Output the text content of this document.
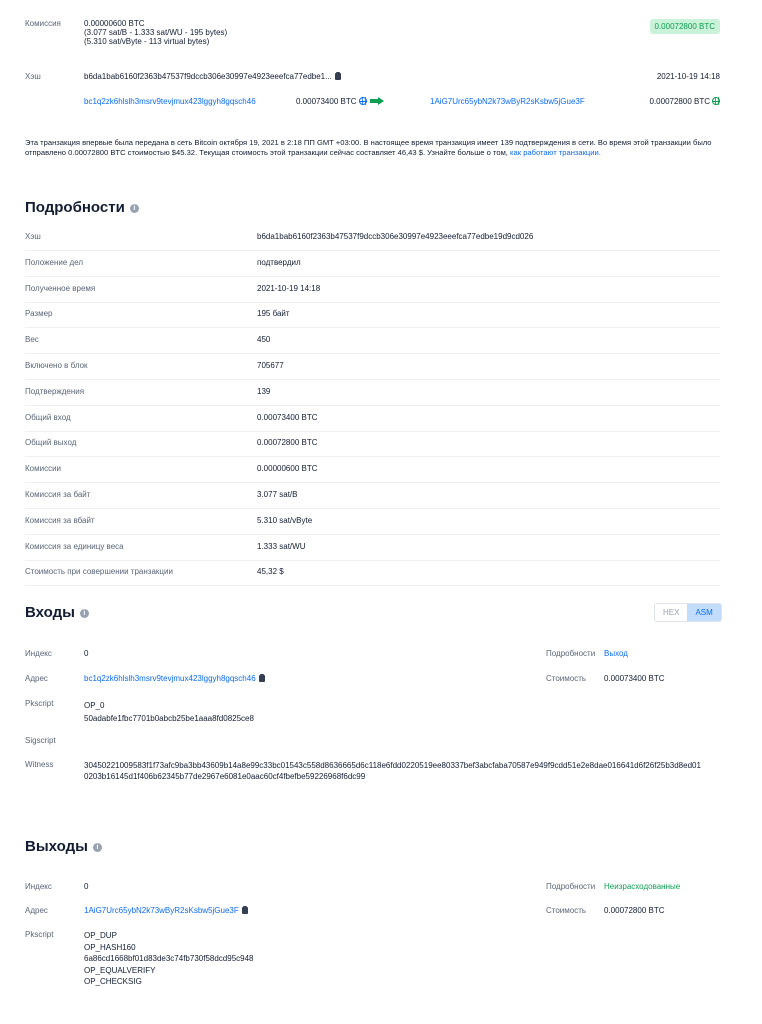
Комиссия	0.00000600 BTC
(3.077 sat/B - 1.333 sat/WU - 195 bytes)
(5.310 sat/vByte - 113 virtual bytes)
0.00072800 BTC
Хэш	b6da1bab6160f2363b47537f9dccb306e30997e4923eeefca77edbe1...	2021-10-19 14:18
bc1q2zk6hlslh3msrv9tevjmux423lggyh8gqsch46	0.00073400 BTC	1AiG7Urc65ybN2k73wByR2sKsbw5jGue3F	0.00072800 BTC
Эта транзакция впервые была передана в сеть Bitcoin октября 19, 2021 в 2:18 ПП GMT +03:00. В настоящее время транзакция имеет 139 подтверждения в сети. Во время этой транзакции было отправлено 0.00072800 BTC стоимостью $45.32. Текущая стоимость этой транзакции сейчас составляет 46,43 $. Узнайте больше о том, как работают транзакции.
Подробности i
Хэш	b6da1bab6160f2363b47537f9dccb306e30997e4923eeefca77edbe19d9cd026
Положение дел	подтвердил
Полученное время	2021-10-19 14:18
Размер	195 байт
Вес	450
Включено в блок	705677
Подтверждения	139
Общий вход	0.00073400 BTC
Общий выход	0.00072800 BTC
Комиссии	0.00000600 BTC
Комиссия за байт	3.077 sat/B
Комиссия за вбайт	5.310 sat/vByte
Комиссия за единицу веса	1.333 sat/WU
Стоимость при совершении транзакции	45,32 $
Входы i	HEX	ASM
Индекс	0	Подробности Выход
Адрес	bc1q2zk6hlslh3msrv9tevjmux423lggyh8gqsch46	Стоимость 0.00073400 BTC
Pkscript	OP_0
50adabfe1fbc7701b0abcb25be1aaa8fd0825ce8
Sigscript
Witness	30450221009583f1f73afc9ba3bb43609b14a8e99c33bc01543c558d8636665d6c118e6fdd0220519ee80337bef3abcfaba70587e949f9cdd51e2e8dae016641d6f26f25b3d8ed01
0203b16145d1f406b62345b77de2967e6081e0aac60cf4fbefbe59226968f6dc99
Выходы i
Индекс	0	Подробности Неизрасходованные
Адрес	1AiG7Urc65ybN2k73wByR2sKsbw5jGue3F	Стоимость 0.00072800 BTC
Pkscript	OP_DUP
OP_HASH160
6a86cd1668bf01d83de3c74fb730f58dcd95c948
OP_EQUALVERIFY
OP_CHECKSIG
